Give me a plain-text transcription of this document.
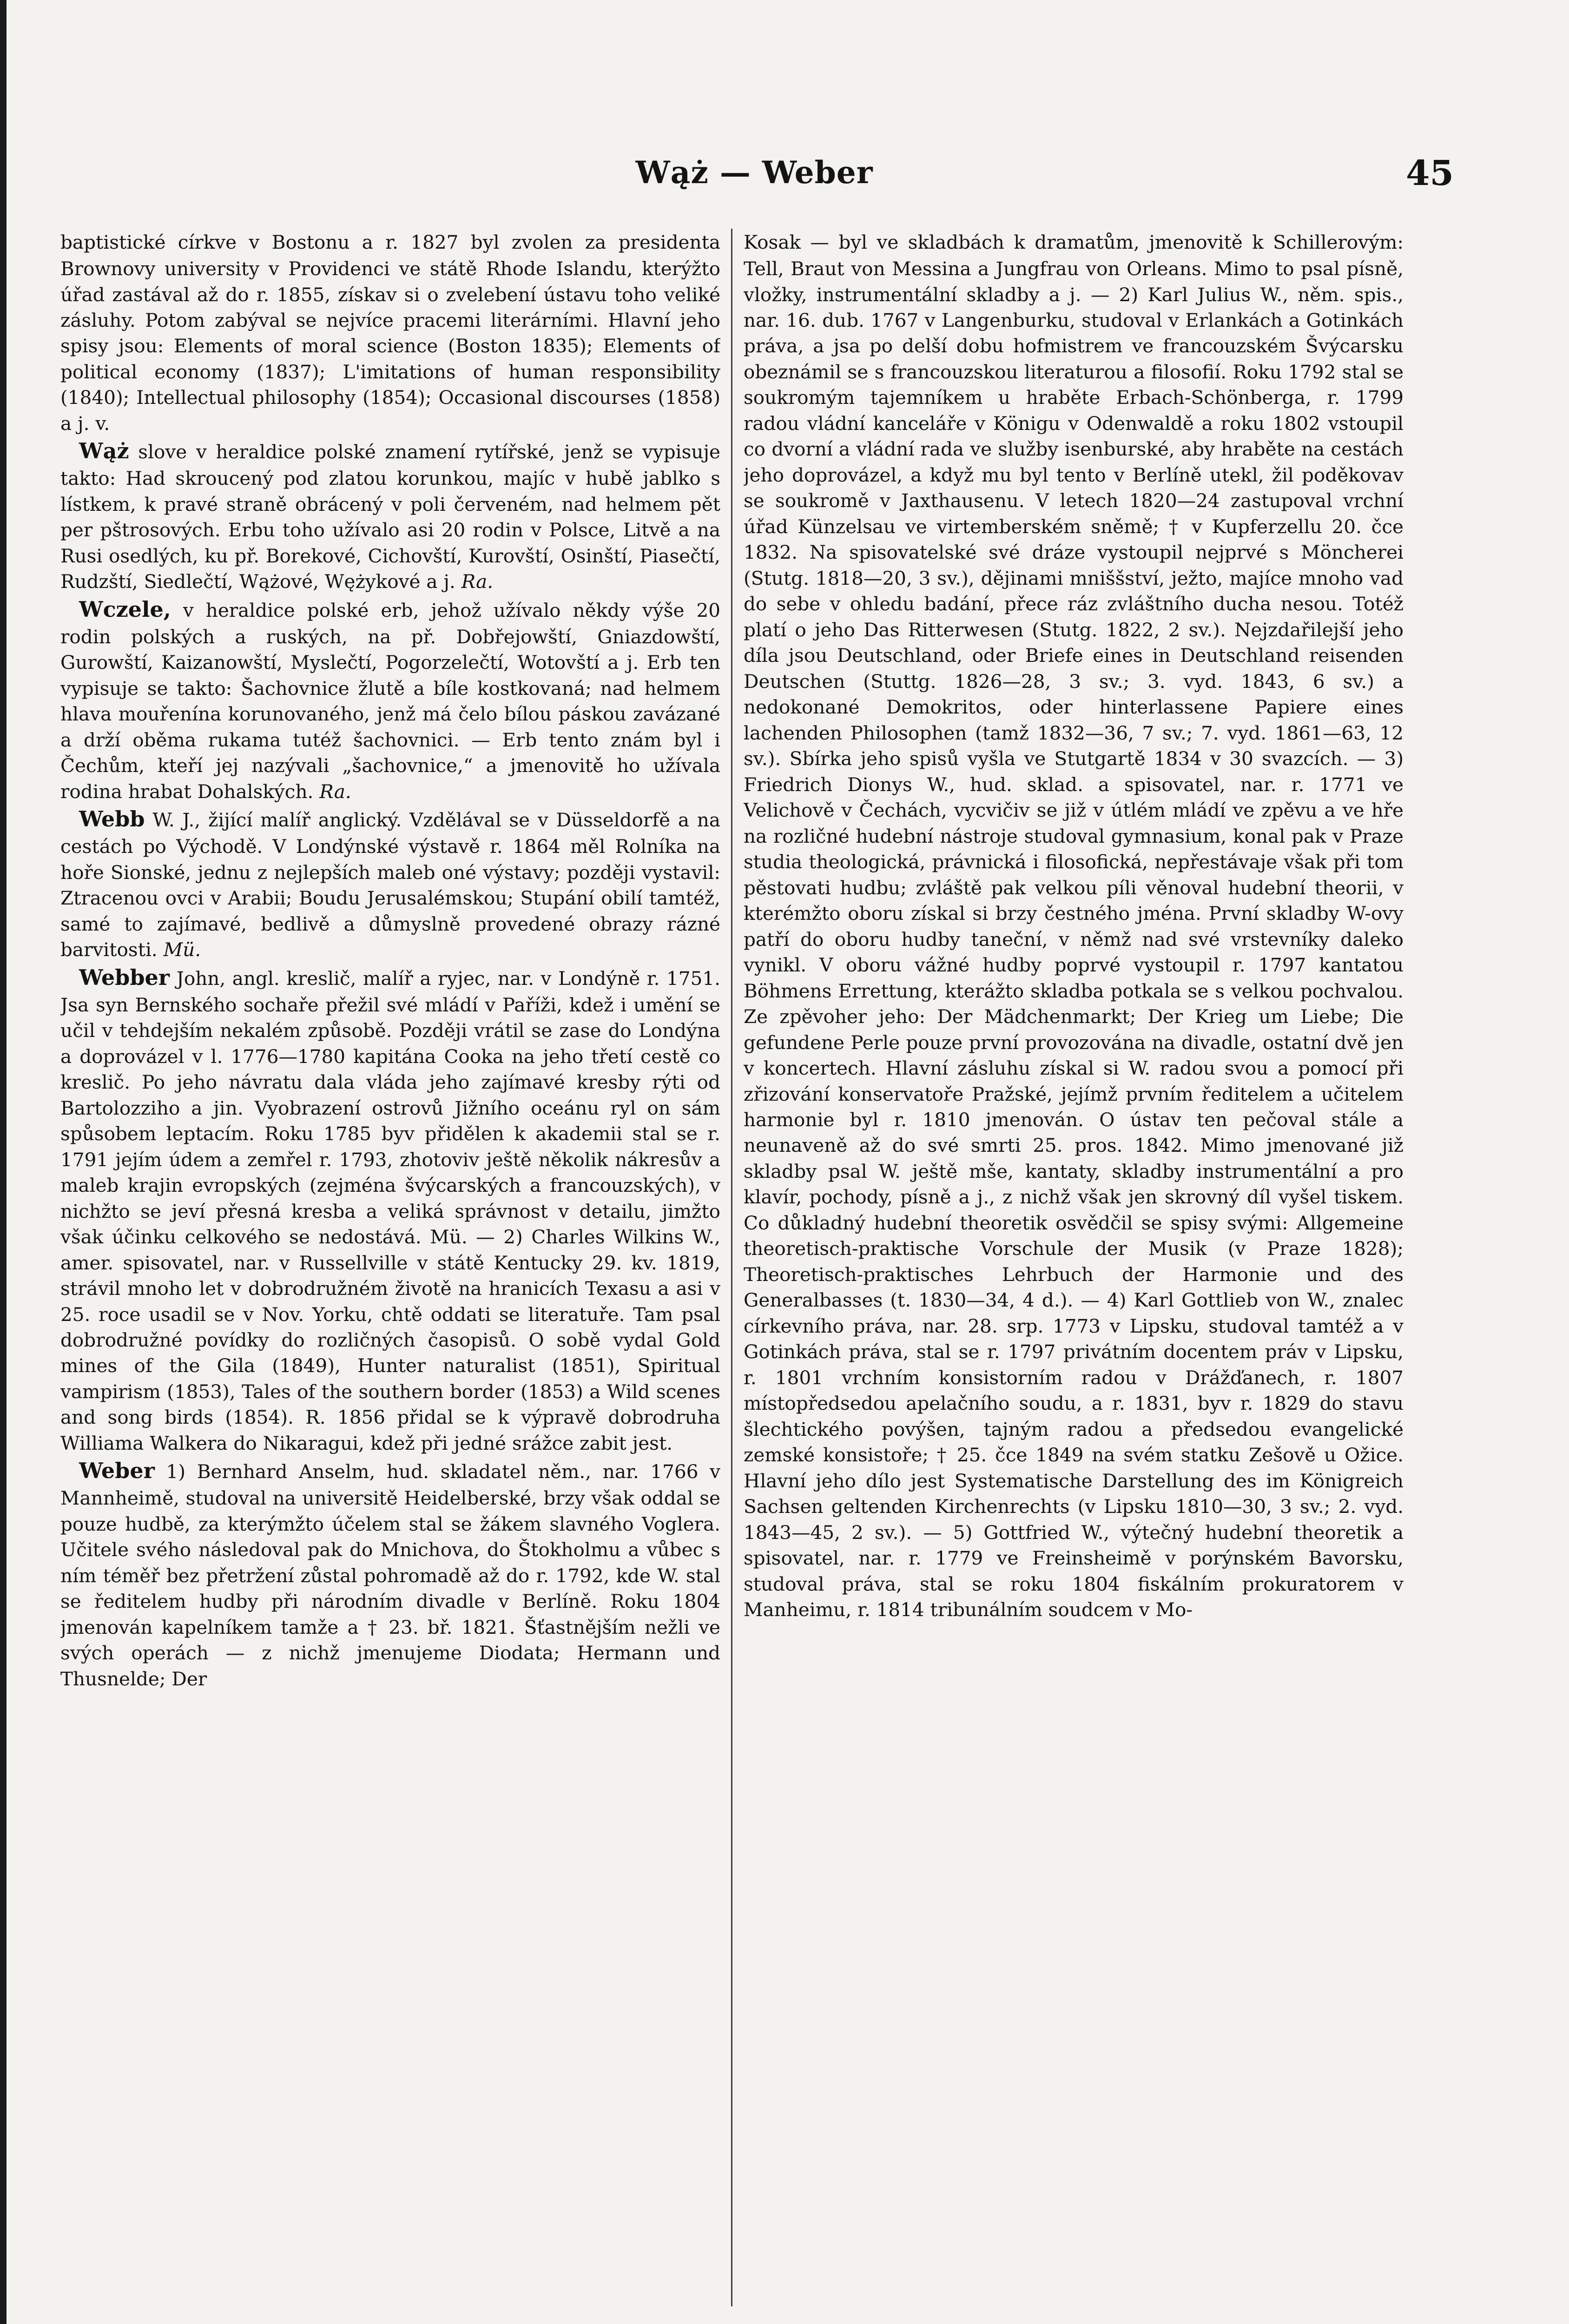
Wąż — Weber	45

baptistické církve v Bostonu a r. 1827 byl zvolen za presidenta Brownovy university v Providenci ve státě Rhode Islandu, kterýžto úřad zastával až do r. 1855, získav si o zvelebení ústavu toho veliké zásluhy. Potom zabýval se nejvíce pracemi literárními. Hlavní jeho spisy jsou: Elements of moral science (Boston 1835); Elements of political economy (1837); L'imitations of human responsibility (1840); Intellectual philosophy (1854); Occasional discourses (1858) a j. v.

Wąż slove v heraldice polské znamení rytířské, jenž se vypisuje takto: Had skroucený pod zlatou korunkou, majíc v hubě jablko s lístkem, k pravé straně obrácený v poli červeném, nad helmem pět per pštrosových. Erbu toho užívalo asi 20 rodin v Polsce, Litvě a na Rusi osedlých, ku př. Borekové, Cichovští, Kurovští, Osinští, Piasečtí, Rudzští, Siedlečtí, Wążové, Wężykové a j. Ra.

Wczele, v heraldice polské erb, jehož užívalo někdy výše 20 rodin polských a ruských, na př. Dobřejowští, Gniazdowští, Gurowští, Kaizanowští, Myslečtí, Pogorzelečtí, Wotovští a j. Erb ten vypisuje se takto: Šachovnice žlutě a bíle kostkovaná; nad helmem hlava mouřenína korunovaného, jenž má čelo bílou páskou zavázané a drží oběma rukama tutéž šachovnici. — Erb tento znám byl i Čechům, kteří jej nazývali „šachovnice,“ a jmenovitě ho užívala rodina hrabat Dohalských. Ra.

Webb W. J., žijící malíř anglický. Vzdělával se v Düsseldorfě a na cestách po Východě. V Londýnské výstavě r. 1864 měl Rolníka na hoře Sionské, jednu z nejlepších maleb oné výstavy; později vystavil: Ztracenou ovci v Arabii; Boudu Jerusalémskou; Stupání obilí tamtéž, samé to zajímavé, bedlivě a důmyslně provedené obrazy rázné barvitosti. Mü.

Webber John, angl. kreslič, malíř a ryjec, nar. v Londýně r. 1751. Jsa syn Bernského sochaře přežil své mládí v Paříži, kdež i umění se učil v tehdejším nekalém způsobě. Později vrátil se zase do Londýna a doprovázel v l. 1776—1780 kapitána Cooka na jeho třetí cestě co kreslič. Po jeho návratu dala vláda jeho zajímavé kresby rýti od Bartolozziho a jin. Vyobrazení ostrovů Jižního oceánu ryl on sám spůsobem leptacím. Roku 1785 byv přidělen k akademii stal se r. 1791 jejím údem a zemřel r. 1793, zhotoviv ještě několik nákresův a maleb krajin evropských (zejména švýcarských a francouzských), v nichžto se jeví přesná kresba a veliká správnost v detailu, jimžto však účinku celkového se nedostává. Mü. — 2) Charles Wilkins W., amer. spisovatel, nar. v Russellville v státě Kentucky 29. kv. 1819, strávil mnoho let v dobrodružném životě na hranicích Texasu a asi v 25. roce usadil se v Nov. Yorku, chtě oddati se literatuře. Tam psal dobrodružné povídky do rozličných časopisů. O sobě vydal Gold mines of the Gila (1849), Hunter naturalist (1851), Spiritual vampirism (1853), Tales of the southern border (1853) a Wild scenes and song birds (1854). R. 1856 přidal se k výpravě dobrodruha Williama Walkera do Nikaragui, kdež při jedné srážce zabit jest.

Weber 1) Bernhard Anselm, hud. skladatel něm., nar. 1766 v Mannheimě, studoval na universitě Heidelberské, brzy však oddal se pouze hudbě, za kterýmžto účelem stal se žákem slavného Voglera. Učitele svého následoval pak do Mnichova, do Štokholmu a vůbec s ním téměř bez přetržení zůstal pohromadě až do r. 1792, kde W. stal se ředitelem hudby při národním divadle v Berlíně. Roku 1804 jmenován kapelníkem tamže a † 23. bř. 1821. Šťastnějším nežli ve svých operách — z nichž jmenujeme Diodata; Hermann und Thusnelde; Der

Kosak — byl ve skladbách k dramatům, jmenovitě k Schillerovým: Tell, Braut von Messina a Jungfrau von Orleans. Mimo to psal písně, vložky, instrumentální skladby a j. — 2) Karl Julius W., něm. spis., nar. 16. dub. 1767 v Langenburku, studoval v Erlankách a Gotinkách práva, a jsa po delší dobu hofmistrem ve francouzském Švýcarsku obeznámil se s francouzskou literaturou a filosofií. Roku 1792 stal se soukromým tajemníkem u hraběte Erbach-Schönberga, r. 1799 radou vládní kanceláře v Königu v Odenwaldě a roku 1802 vstoupil co dvorní a vládní rada ve služby isenburské, aby hraběte na cestách jeho doprovázel, a když mu byl tento v Berlíně utekl, žil poděkovav se soukromě v Jaxthausenu. V letech 1820—24 zastupoval vrchní úřad Künzelsau ve virtemberském sněmě; † v Kupferzellu 20. čce 1832. Na spisovatelské své dráze vystoupil nejprvé s Möncherei (Stutg. 1818—20, 3 sv.), dějinami mniššství, ježto, majíce mnoho vad do sebe v ohledu badání, přece ráz zvláštního ducha nesou. Totéž platí o jeho Das Ritterwesen (Stutg. 1822, 2 sv.). Nejzdařilejší jeho díla jsou Deutschland, oder Briefe eines in Deutschland reisenden Deutschen (Stuttg. 1826—28, 3 sv.; 3. vyd. 1843, 6 sv.) a nedokonané Demokritos, oder hinterlassene Papiere eines lachenden Philosophen (tamž 1832—36, 7 sv.; 7. vyd. 1861—63, 12 sv.). Sbírka jeho spisů vyšla ve Stutgartě 1834 v 30 svazcích. — 3) Friedrich Dionys W., hud. sklad. a spisovatel, nar. r. 1771 ve Velichově v Čechách, vycvičiv se již v útlém mládí ve zpěvu a ve hře na rozličné hudební nástroje studoval gymnasium, konal pak v Praze studia theologická, právnická i filosofická, nepřestávaje však při tom pěstovati hudbu; zvláště pak velkou píli věnoval hudební theorii, v kterémžto oboru získal si brzy čestného jména. První skladby W-ovy patří do oboru hudby taneční, v němž nad své vrstevníky daleko vynikl. V oboru vážné hudby poprvé vystoupil r. 1797 kantatou Böhmens Errettung, kterážto skladba potkala se s velkou pochvalou. Ze zpěvoher jeho: Der Mädchenmarkt; Der Krieg um Liebe; Die gefundene Perle pouze první provozována na divadle, ostatní dvě jen v koncertech. Hlavní zásluhu získal si W. radou svou a pomocí při zřizování konservatoře Pražské, jejímž prvním ředitelem a učitelem harmonie byl r. 1810 jmenován. O ústav ten pečoval stále a neunaveně až do své smrti 25. pros. 1842. Mimo jmenované již skladby psal W. ještě mše, kantaty, skladby instrumentální a pro klavír, pochody, písně a j., z nichž však jen skrovný díl vyšel tiskem. Co důkladný hudební theoretik osvědčil se spisy svými: Allgemeine theoretisch-praktische Vorschule der Musik (v Praze 1828); Theoretisch-praktisches Lehrbuch der Harmonie und des Generalbasses (t. 1830—34, 4 d.). — 4) Karl Gottlieb von W., znalec církevního práva, nar. 28. srp. 1773 v Lipsku, studoval tamtéž a v Gotinkách práva, stal se r. 1797 privátním docentem práv v Lipsku, r. 1801 vrchním konsistorním radou v Drážďanech, r. 1807 místopředsedou apelačního soudu, a r. 1831, byv r. 1829 do stavu šlechtického povýšen, tajným radou a předsedou evangelické zemské konsistoře; † 25. čce 1849 na svém statku Zešově u Ožice. Hlavní jeho dílo jest Systematische Darstellung des im Königreich Sachsen geltenden Kirchenrechts (v Lipsku 1810—30, 3 sv.; 2. vyd. 1843—45, 2 sv.). — 5) Gottfried W., výtečný hudební theoretik a spisovatel, nar. r. 1779 ve Freinsheimě v porýnském Bavorsku, studoval práva, stal se roku 1804 fiskálním prokuratorem v Manheimu, r. 1814 tribunálním soudcem v Mo-
